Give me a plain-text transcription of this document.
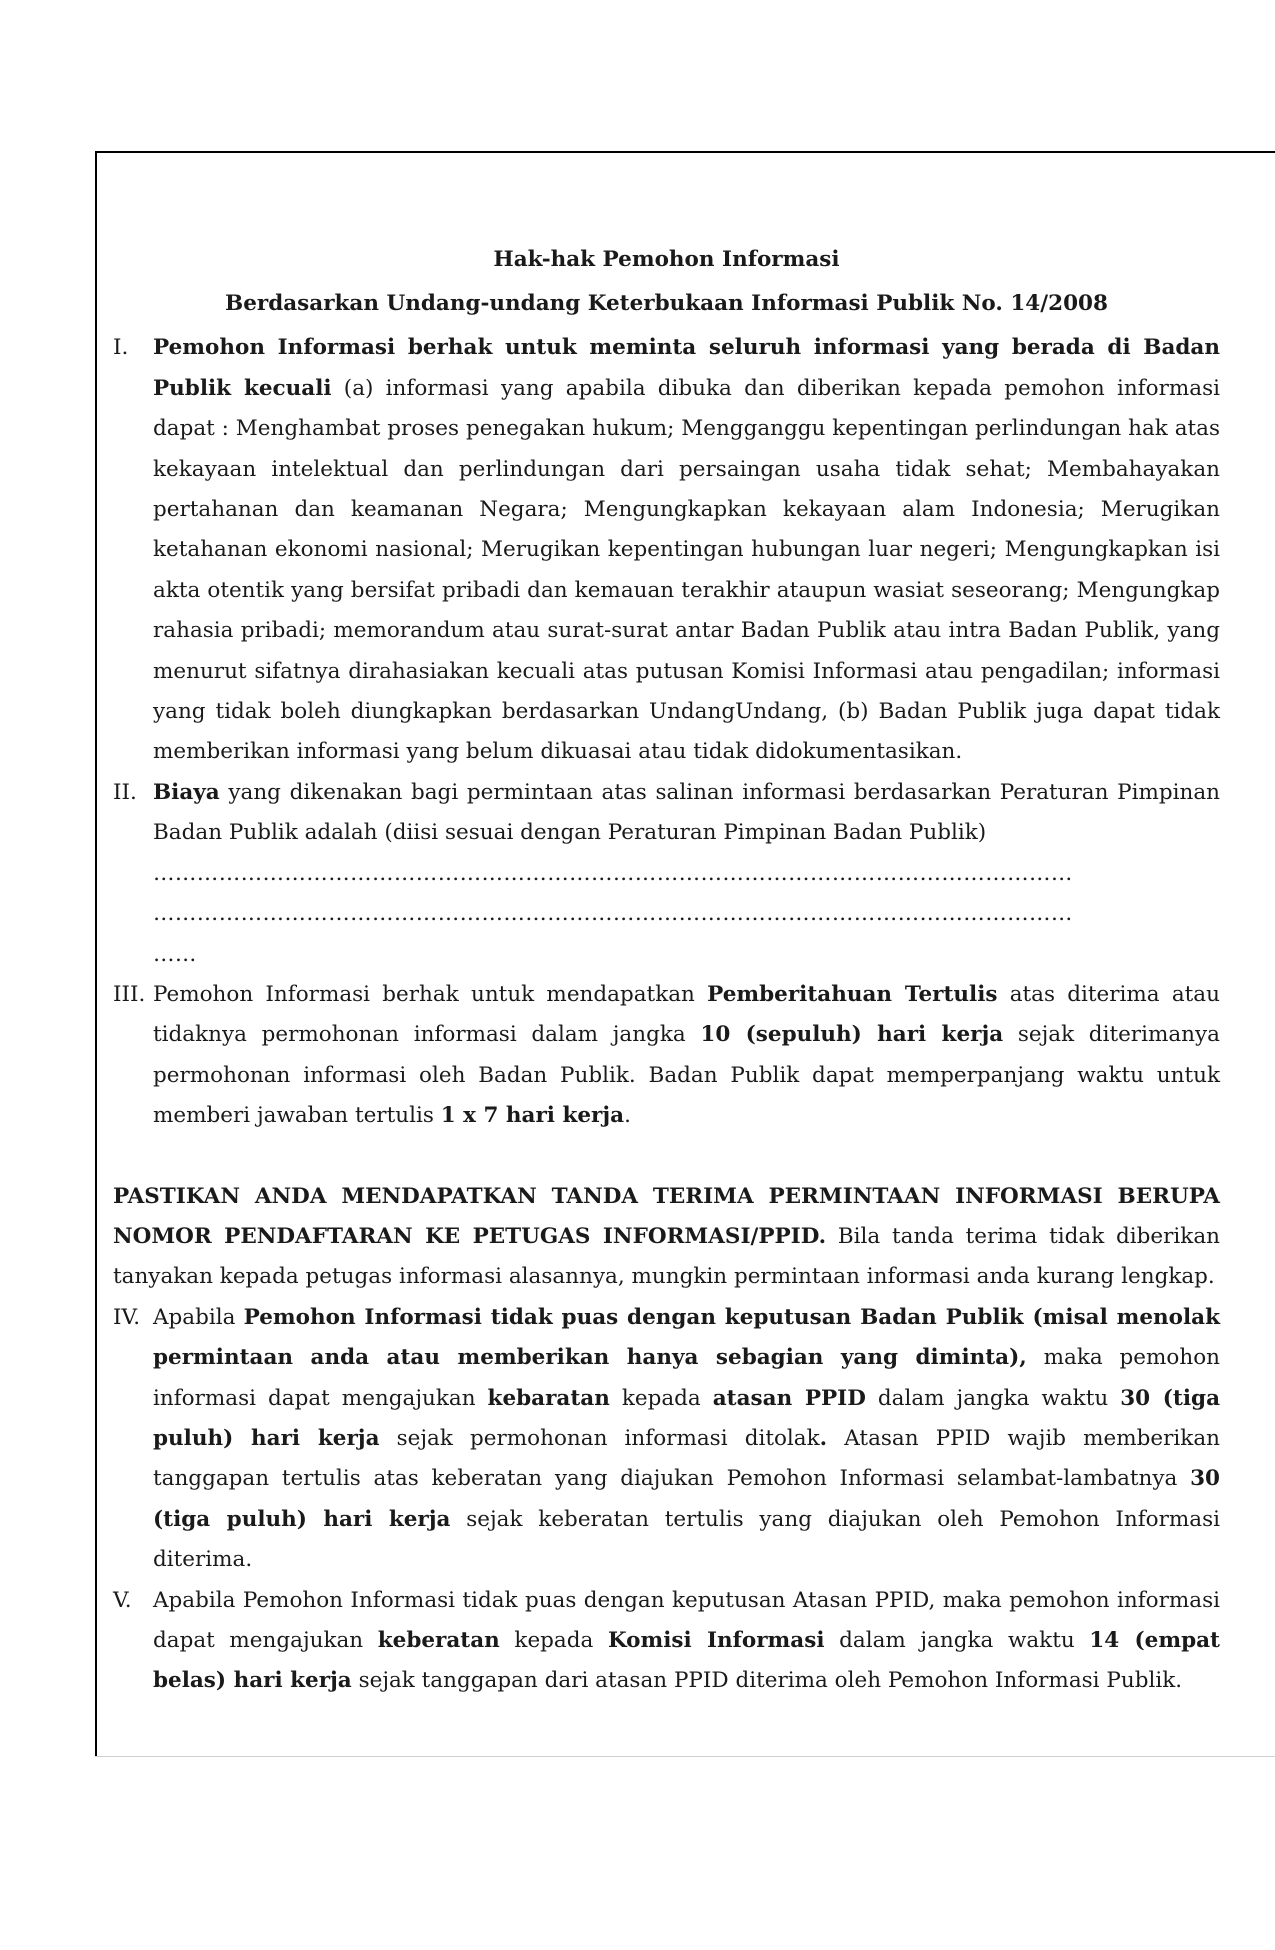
Hak-hak Pemohon Informasi

Berdasarkan Undang-undang Keterbukaan Informasi Publik No. 14/2008

I. Pemohon Informasi berhak untuk meminta seluruh informasi yang berada di Badan Publik kecuali (a) informasi yang apabila dibuka dan diberikan kepada pemohon informasi dapat : Menghambat proses penegakan hukum; Mengganggu kepentingan perlindungan hak atas kekayaan intelektual dan perlindungan dari persaingan usaha tidak sehat; Membahayakan pertahanan dan keamanan Negara; Mengungkapkan kekayaan alam Indonesia; Merugikan ketahanan ekonomi nasional; Merugikan kepentingan hubungan luar negeri; Mengungkapkan isi akta otentik yang bersifat pribadi dan kemauan terakhir ataupun wasiat seseorang; Mengungkap rahasia pribadi; memorandum atau surat-surat antar Badan Publik atau intra Badan Publik, yang menurut sifatnya dirahasiakan kecuali atas putusan Komisi Informasi atau pengadilan; informasi yang tidak boleh diungkapkan berdasarkan UndangUndang, (b) Badan Publik juga dapat tidak memberikan informasi yang belum dikuasai atau tidak didokumentasikan.
II. Biaya yang dikenakan bagi permintaan atas salinan informasi berdasarkan Peraturan Pimpinan Badan Publik adalah (diisi sesuai dengan Peraturan Pimpinan Badan Publik)
………………………………………………………………………………………………………………
………………………………………………………………………………………………………………
……
III. Pemohon Informasi berhak untuk mendapatkan Pemberitahuan Tertulis atas diterima atau tidaknya permohonan informasi dalam jangka 10 (sepuluh) hari kerja sejak diterimanya permohonan informasi oleh Badan Publik. Badan Publik dapat memperpanjang waktu untuk memberi jawaban tertulis 1 x 7 hari kerja.
PASTIKAN ANDA MENDAPATKAN TANDA TERIMA PERMINTAAN INFORMASI BERUPA NOMOR PENDAFTARAN KE PETUGAS INFORMASI/PPID. Bila tanda terima tidak diberikan tanyakan kepada petugas informasi alasannya, mungkin permintaan informasi anda kurang lengkap.
IV. Apabila Pemohon Informasi tidak puas dengan keputusan Badan Publik (misal menolak permintaan anda atau memberikan hanya sebagian yang diminta), maka pemohon informasi dapat mengajukan kebaratan kepada atasan PPID dalam jangka waktu 30 (tiga puluh) hari kerja sejak permohonan informasi ditolak. Atasan PPID wajib memberikan tanggapan tertulis atas keberatan yang diajukan Pemohon Informasi selambat-lambatnya 30 (tiga puluh) hari kerja sejak keberatan tertulis yang diajukan oleh Pemohon Informasi diterima.
V. Apabila Pemohon Informasi tidak puas dengan keputusan Atasan PPID, maka pemohon informasi dapat mengajukan keberatan kepada Komisi Informasi dalam jangka waktu 14 (empat belas) hari kerja sejak tanggapan dari atasan PPID diterima oleh Pemohon Informasi Publik.
